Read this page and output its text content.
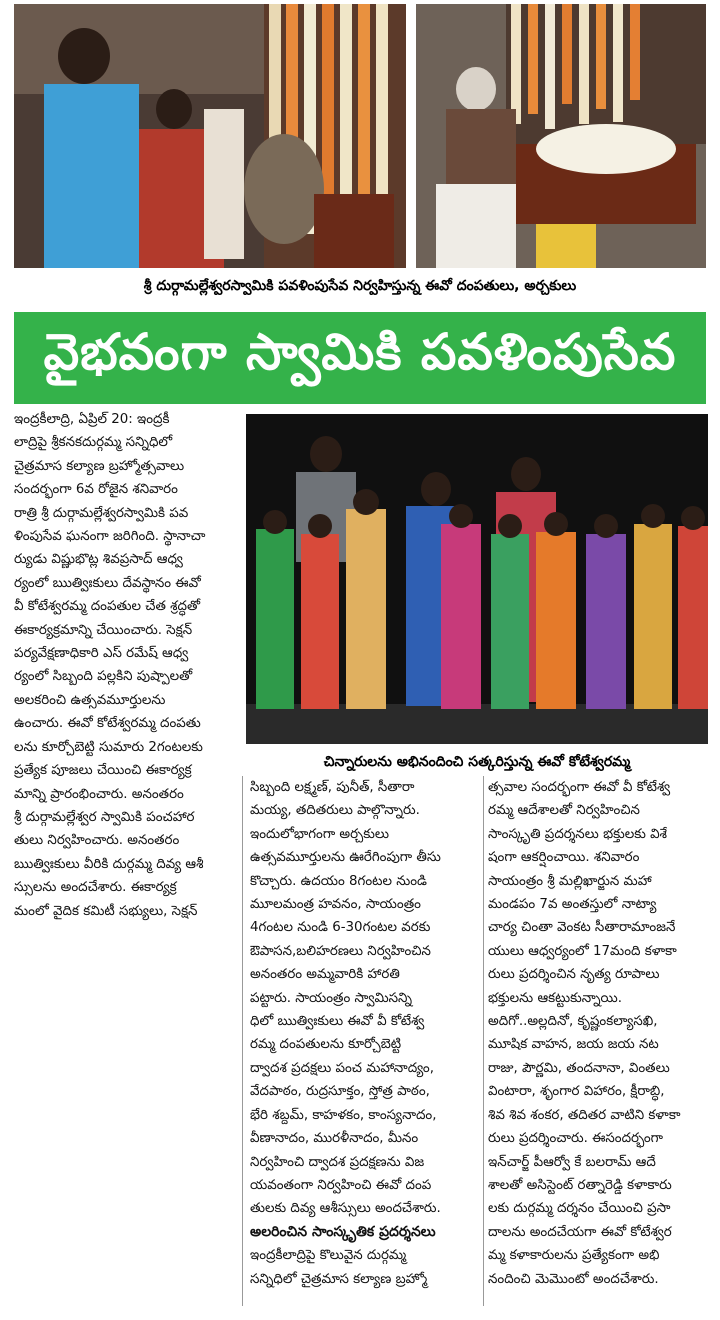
శ్రీ దుర్గామల్లేశ్వరస్వామికి పవళింపుసేవ నిర్వహిస్తున్న ఈవో దంపతులు, అర్చకులు
వైభవంగా స్వామికి పవళింపుసేవ
చిన్నారులను అభినందించి సత్కరిస్తున్న ఈవో కోటేశ్వరమ్మ

ఇంద్రకీలాద్రి, ఏప్రిల్ 20: ఇంద్రకీ

లాద్రిపై శ్రీకనకదుర్గమ్మ సన్నిధిలో

చైత్రమాస కల్యాణ బ్రహ్మోత్సవాలు

సందర్భంగా 6వ రోజైన శనివారం

రాత్రి శ్రీ దుర్గామల్లేశ్వరస్వామికి పవ

ళింపుసేవ ఘనంగా జరిగింది. స్థానాచా

ర్యుడు విష్ణుభొట్ల శివప్రసాద్ ఆధ్వ

ర్యంలో ఋత్విఃకులు దేవస్థానం ఈవో

వీ కోటేశ్వరమ్మ దంపతుల చేత శ్రద్ధతో

ఈకార్యక్రమాన్ని చేయించారు. సెక్షన్

పర్యవేక్షణాధికారి ఎస్ రమేష్ ఆధ్వ

ర్యంలో సిబ్బంది పల్లకిని పుష్పాలతో

అలకరించి ఉత్సవమూర్తులను

ఉంచారు. ఈవో కోటేశ్వరమ్మ దంపతు

లను కూర్చోబెట్టి సుమారు 2గంటలకు

ప్రత్యేక పూజలు చేయించి ఈకార్యక్ర

మాన్ని ప్రారంభించారు. అనంతరం

శ్రీ దుర్గామల్లేశ్వర స్వామికి పంచహార

తులు నిర్వహించారు. అనంతరం

ఋత్విఃకులు వీరికి దుర్గమ్మ దివ్య ఆశీ

స్సులను అందచేశారు. ఈకార్యక్ర

మంలో వైదిక కమిటీ సభ్యులు, సెక్షన్

సిబ్బంది లక్ష్మణ్, పునీత్, సీతారా

మయ్య, తదితరులు పాల్గొన్నారు.

ఇందులోభాగంగా అర్చకులు

ఉత్సవమూర్తులను ఊరేగింపుగా తీసు

కొచ్చారు. ఉదయం 8గంటల నుండి

మూలమంత్ర హవనం, సాయంత్రం

4గంటల నుండి 6-30గంటల వరకు

ఔపాసన,బలిహరణలు నిర్వహించిన

అనంతరం అమ్మవారికి హారతి

పట్టారు. సాయంత్రం స్వామిసన్ని

ధిలో ఋత్విఃకులు ఈవో వీ కోటేశ్వ

రమ్మ దంపతులను కూర్చోబెట్టి

ద్వాదశ ప్రదక్షలు పంచ మహానాద్యం,

వేదపాఠం, రుద్రసూక్తం, స్తోత్ర పాఠం,

భేరి శబ్దమ్, కాహళకం, కాంస్యనాదం,

వీణానాదం, మురళీనాదం, మీనం

నిర్వహించి ద్వాదశ ప్రదక్షణను విజ

యవంతంగా నిర్వహించి ఈవో దంప

తులకు దివ్య ఆశీస్సులు అందచేశారు.

అలరించిన సాంస్కృతిక ప్రదర్శనలు

ఇంద్రకీలాద్రిపై కొలువైన దుర్గమ్మ

సన్నిధిలో చైత్రమాస కల్యాణ బ్రహ్మో

త్సవాల సందర్భంగా ఈవో వీ కోటేశ్వ

రమ్మ ఆదేశాలతో నిర్వహించిన

సాంస్కృతి ప్రదర్శనలు భక్తులకు విశే

షంగా ఆకర్షించాయి. శనివారం

సాయంత్రం శ్రీ మల్లిఖార్జున మహా

మండపం 7వ అంతస్తులో నాట్యా

చార్య చింతా వెంకట సీతారామాంజనే

యులు ఆధ్వర్యంలో 17మంది కళాకా

రులు ప్రదర్శించిన నృత్య రూపాలు

భక్తులను ఆకట్టుకున్నాయి.

అదిగో..అల్లదినో, కృష్ణంకల్యాసఖి,

మూషిక వాహన, జయ జయ నట

రాజు, పౌర్ణమి, తందనానా, వింతలు

వింటారా, శృంగార విహారం, క్షీరాబ్ధి,

శివ శివ శంకర, తదితర వాటిని కళాకా

రులు ప్రదర్శించారు. ఈసందర్భంగా

ఇన్‌చార్జ్ పీఆర్వో కే బలరామ్ ఆదే

శాలతో అసిస్టెంట్ రత్నారెడ్డి కళాకారు

లకు దుర్గమ్మ దర్శనం చేయించి ప్రసా

దాలను అందచేయగా ఈవో కోటేశ్వర

మ్మ కళాకారులను ప్రత్యేకంగా అభి

నందించి మెమొంటో అందచేశారు.
